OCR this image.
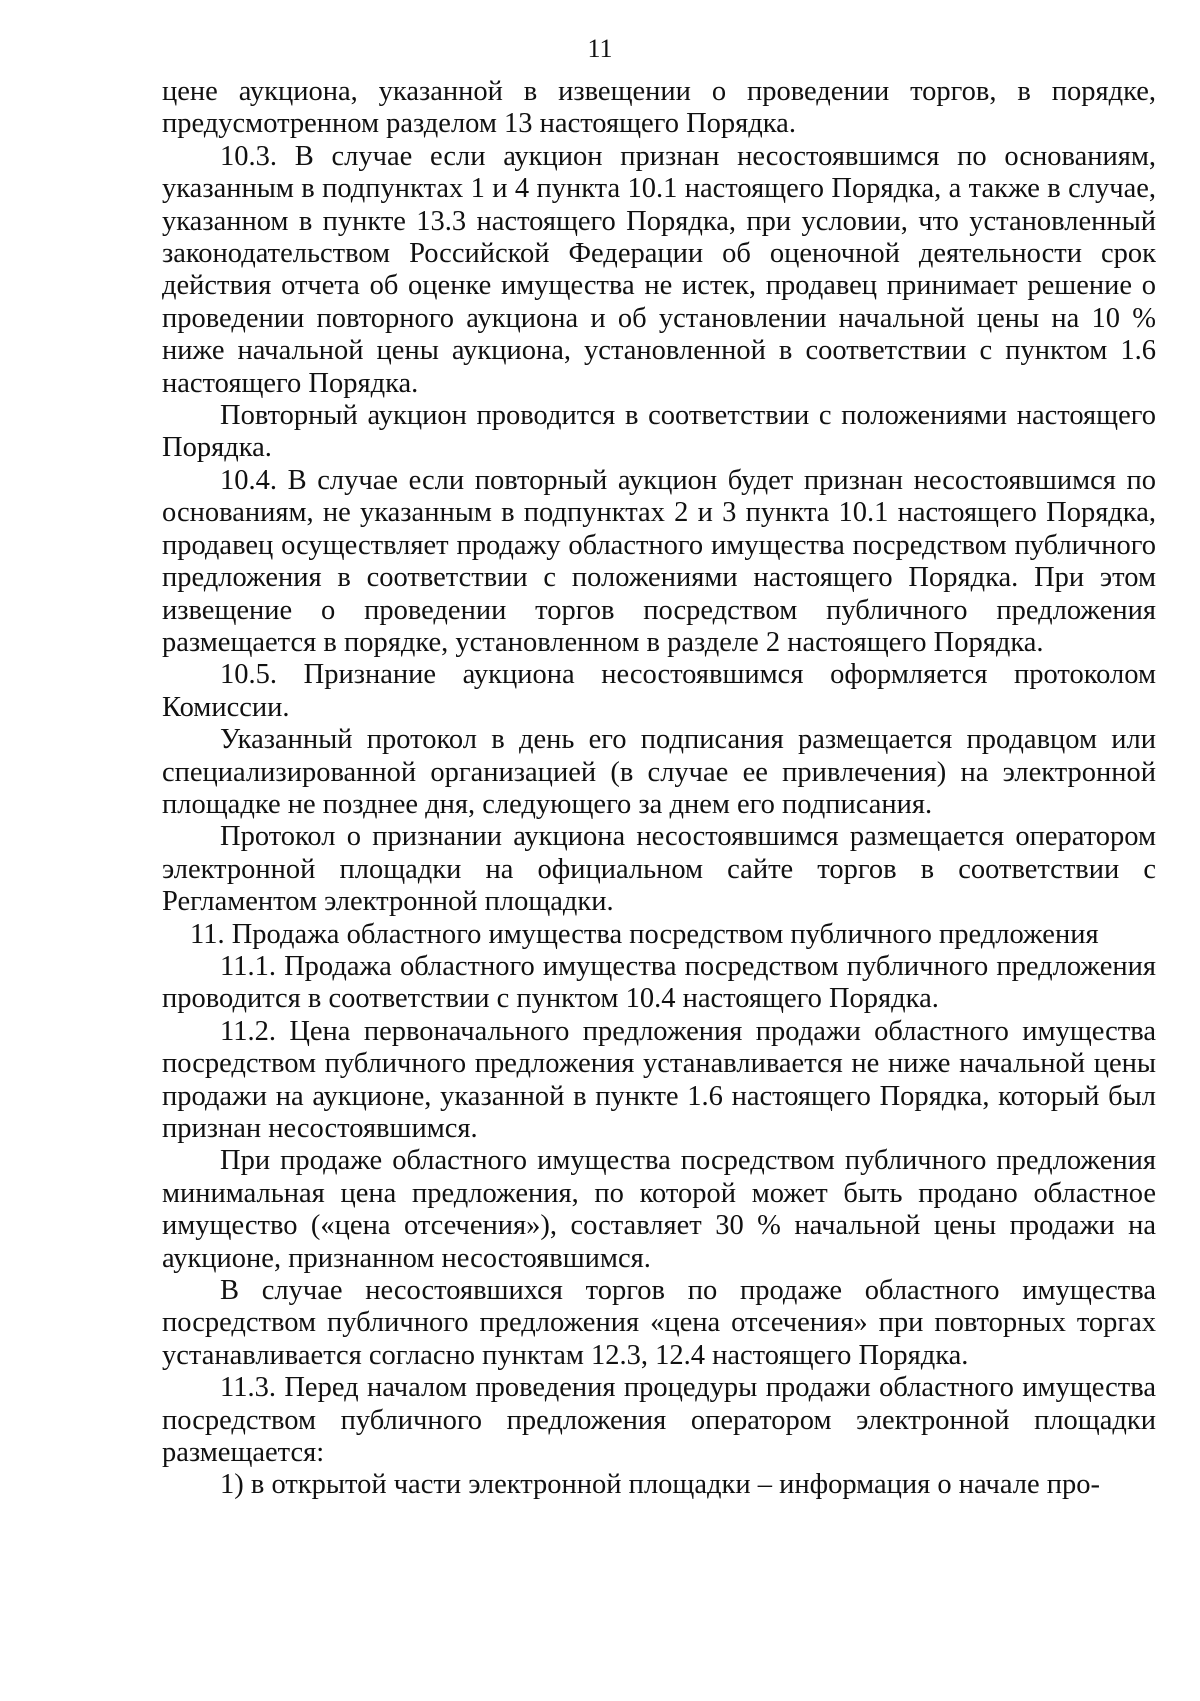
11

цене аукциона, указанной в извещении о проведении торгов, в порядке, предусмотренном разделом 13 настоящего Порядка.

10.3. В случае если аукцион признан несостоявшимся по основаниям, указанным в подпунктах 1 и 4 пункта 10.1 настоящего Порядка, а также в случае, указанном в пункте 13.3 настоящего Порядка, при условии, что установленный законодательством Российской Федерации об оценочной деятельности срок действия отчета об оценке имущества не истек, продавец принимает решение о проведении повторного аукциона и об установлении начальной цены на 10 % ниже начальной цены аукциона, установленной в соответствии с пунктом 1.6 настоящего Порядка.

Повторный аукцион проводится в соответствии с положениями настоящего Порядка.

10.4. В случае если повторный аукцион будет признан несостоявшимся по основаниям, не указанным в подпунктах 2 и 3 пункта 10.1 настоящего Порядка, продавец осуществляет продажу областного имущества посредством публичного предложения в соответствии с положениями настоящего Порядка. При этом извещение о проведении торгов посредством публичного предложения размещается в порядке, установленном в разделе 2 настоящего Порядка.

10.5. Признание аукциона несостоявшимся оформляется протоколом Комиссии.

Указанный протокол в день его подписания размещается продавцом или специализированной организацией (в случае ее привлечения) на электронной площадке не позднее дня, следующего за днем его подписания.

Протокол о признании аукциона несостоявшимся размещается оператором электронной площадки на официальном сайте торгов в соответствии с Регламентом электронной площадки.

11. Продажа областного имущества посредством публичного предложения

11.1. Продажа областного имущества посредством публичного предложения проводится в соответствии с пунктом 10.4 настоящего Порядка.

11.2. Цена первоначального предложения продажи областного имущества посредством публичного предложения устанавливается не ниже начальной цены продажи на аукционе, указанной в пункте 1.6 настоящего Порядка, который был признан несостоявшимся.

При продаже областного имущества посредством публичного предложения минимальная цена предложения, по которой может быть продано областное имущество («цена отсечения»), составляет 30 % начальной цены продажи на аукционе, признанном несостоявшимся.

В случае несостоявшихся торгов по продаже областного имущества посредством публичного предложения «цена отсечения» при повторных торгах устанавливается согласно пунктам 12.3, 12.4 настоящего Порядка.

11.3. Перед началом проведения процедуры продажи областного имущества посредством публичного предложения оператором электронной площадки размещается:

1) в открытой части электронной площадки – информация о начале про-
